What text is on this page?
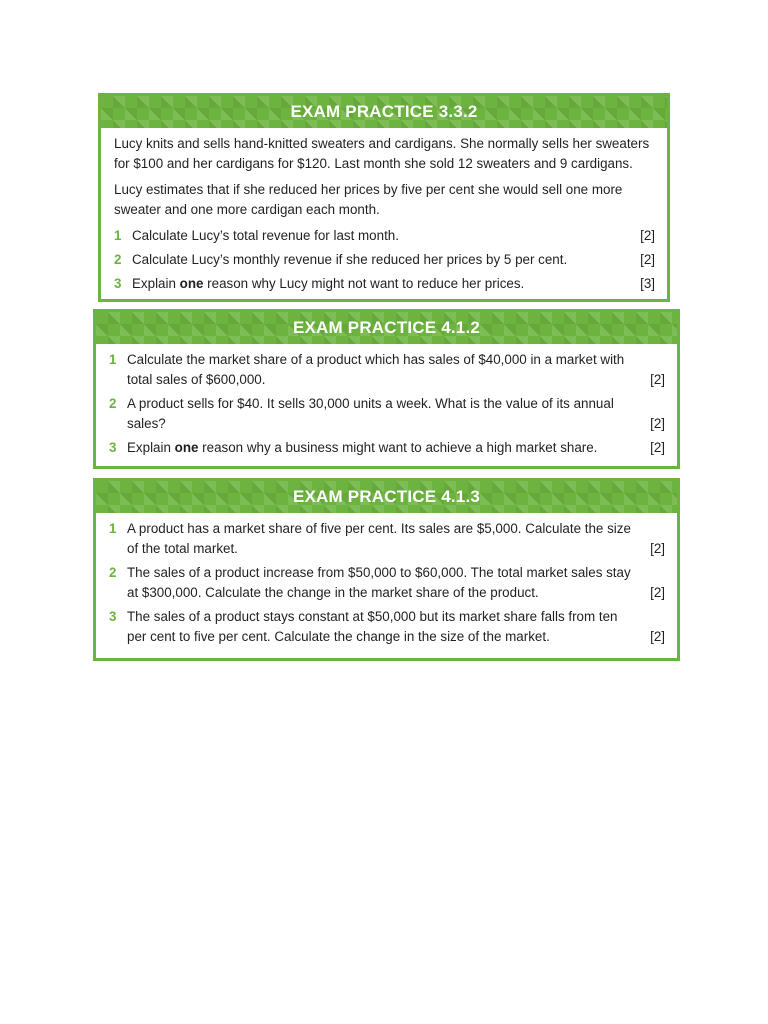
EXAM PRACTICE 3.3.2

Lucy knits and sells hand-knitted sweaters and cardigans. She normally sells her sweaters for $100 and her cardigans for $120. Last month she sold 12 sweaters and 9 cardigans.

Lucy estimates that if she reduced her prices by five per cent she would sell one more sweater and one more cardigan each month.

1 Calculate Lucy’s total revenue for last month.	[2]
2 Calculate Lucy’s monthly revenue if she reduced her prices by 5 per cent.	[2]
3 Explain one reason why Lucy might not want to reduce her prices.	[3]
EXAM PRACTICE 4.1.2
1 Calculate the market share of a product which has sales of $40,000 in a market with total sales of $600,000.	[2]
2 A product sells for $40. It sells 30,000 units a week. What is the value of its annual sales?	[2]
3 Explain one reason why a business might want to achieve a high market share.	[2]
EXAM PRACTICE 4.1.3
1 A product has a market share of five per cent. Its sales are $5,000. Calculate the size of the total market.	[2]
2 The sales of a product increase from $50,000 to $60,000. The total market sales stay at $300,000. Calculate the change in the market share of the product.	[2]
3 The sales of a product stays constant at $50,000 but its market share falls from ten per cent to five per cent. Calculate the change in the size of the market.	[2]
